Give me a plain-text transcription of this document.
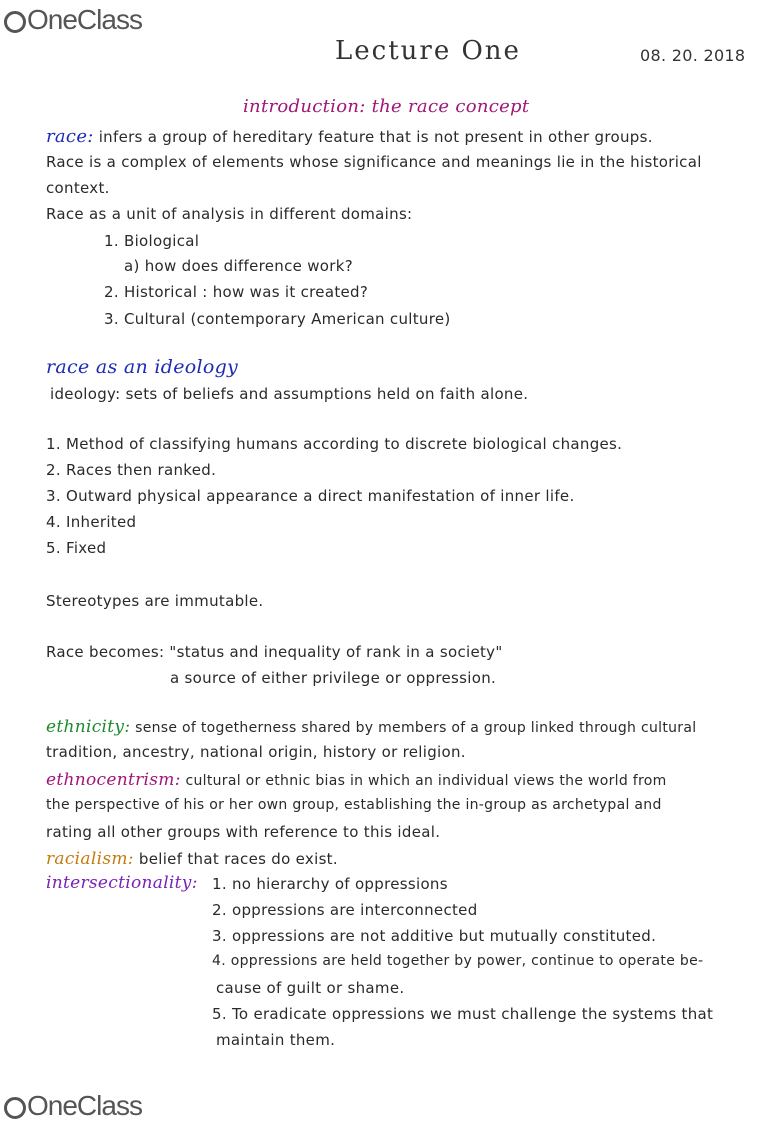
OneClass
OneClass
Lecture One	08. 20. 2018
introduction: the race concept
race: infers a group of hereditary feature that is not present in other groups.
Race is a complex of elements whose significance and meanings lie in the historical
context.
Race as a unit of analysis in different domains:
1. Biological
a) how does difference work?
2. Historical : how was it created?
3. Cultural (contemporary American culture)
race as an ideology
ideology: sets of beliefs and assumptions held on faith alone.
1. Method of classifying humans according to discrete biological changes.
2. Races then ranked.
3. Outward physical appearance a direct manifestation of inner life.
4. Inherited
5. Fixed
Stereotypes are immutable.
Race becomes: "status and inequality of rank in a society"
a source of either privilege or oppression.
ethnicity: sense of togetherness shared by members of a group linked through cultural
tradition, ancestry, national origin, history or religion.
ethnocentrism: cultural or ethnic bias in which an individual views the world from
the perspective of his or her own group, establishing the in-group as archetypal and
rating all other groups with reference to this ideal.
racialism: belief that races do exist.
intersectionality: 1. no hierarchy of oppressions
2. oppressions are interconnected
3. oppressions are not additive but mutually constituted.
4. oppressions are held together by power, continue to operate be-
cause of guilt or shame.
5. To eradicate oppressions we must challenge the systems that
maintain them.
